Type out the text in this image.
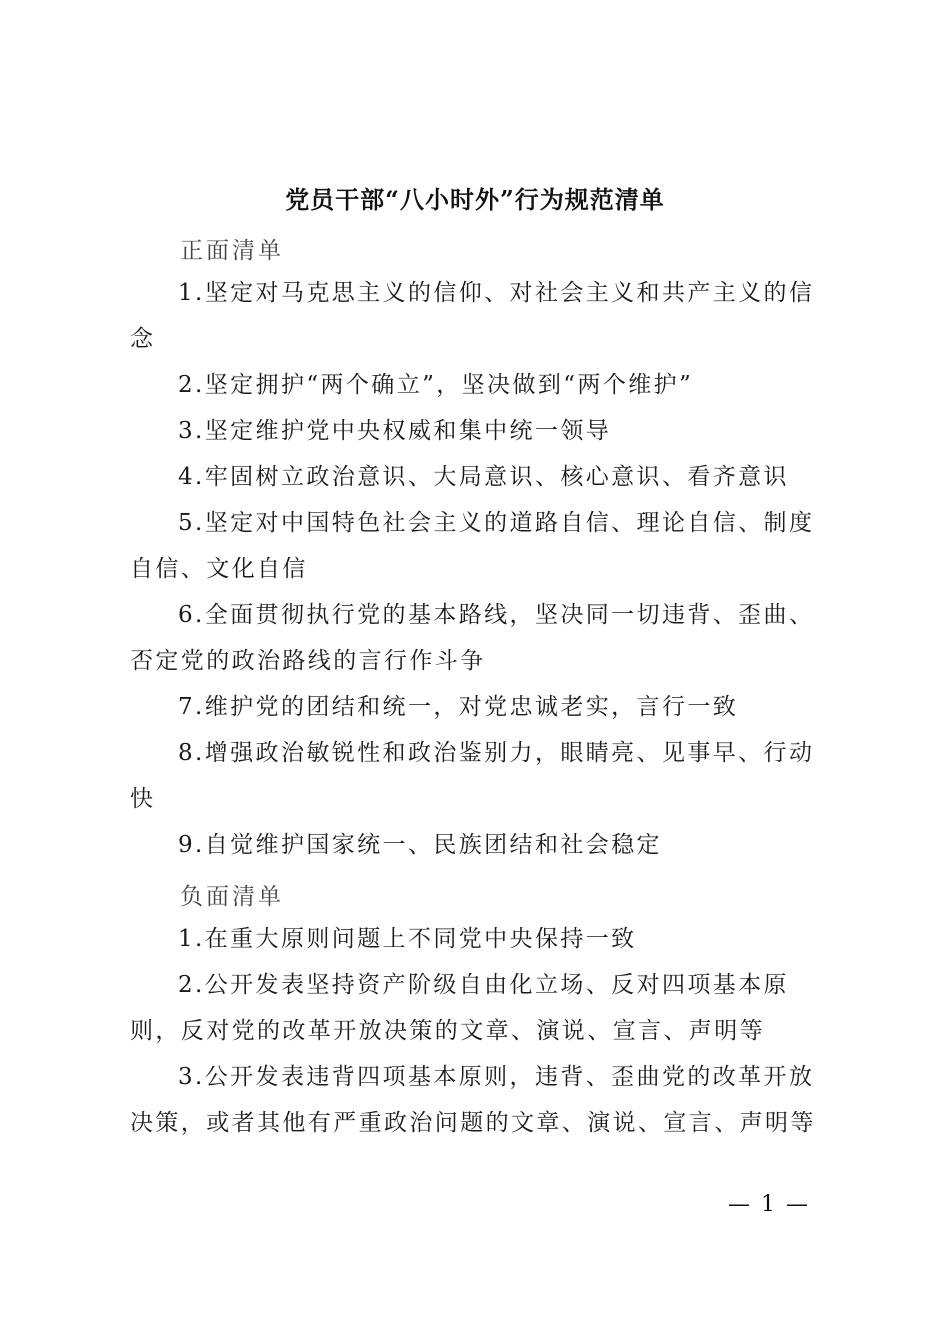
党员干部“八小时外”行为规范清单
正面清单
1.坚定对马克思主义的信仰、对社会主义和共产主义的信念
2.坚定拥护“两个确立”，坚决做到“两个维护”
3.坚定维护党中央权威和集中统一领导
4.牢固树立政治意识、大局意识、核心意识、看齐意识
5.坚定对中国特色社会主义的道路自信、理论自信、制度自信、文化自信
6.全面贯彻执行党的基本路线，坚决同一切违背、歪曲、否定党的政治路线的言行作斗争
7.维护党的团结和统一，对党忠诚老实，言行一致
8.增强政治敏锐性和政治鉴别力，眼睛亮、见事早、行动快
9.自觉维护国家统一、民族团结和社会稳定
负面清单
1.在重大原则问题上不同党中央保持一致
2.公开发表坚持资产阶级自由化立场、反对四项基本原则，反对党的改革开放决策的文章、演说、宣言、声明等
3.公开发表违背四项基本原则，违背、歪曲党的改革开放决策，或者其他有严重政治问题的文章、演说、宣言、声明等
— 1 —
